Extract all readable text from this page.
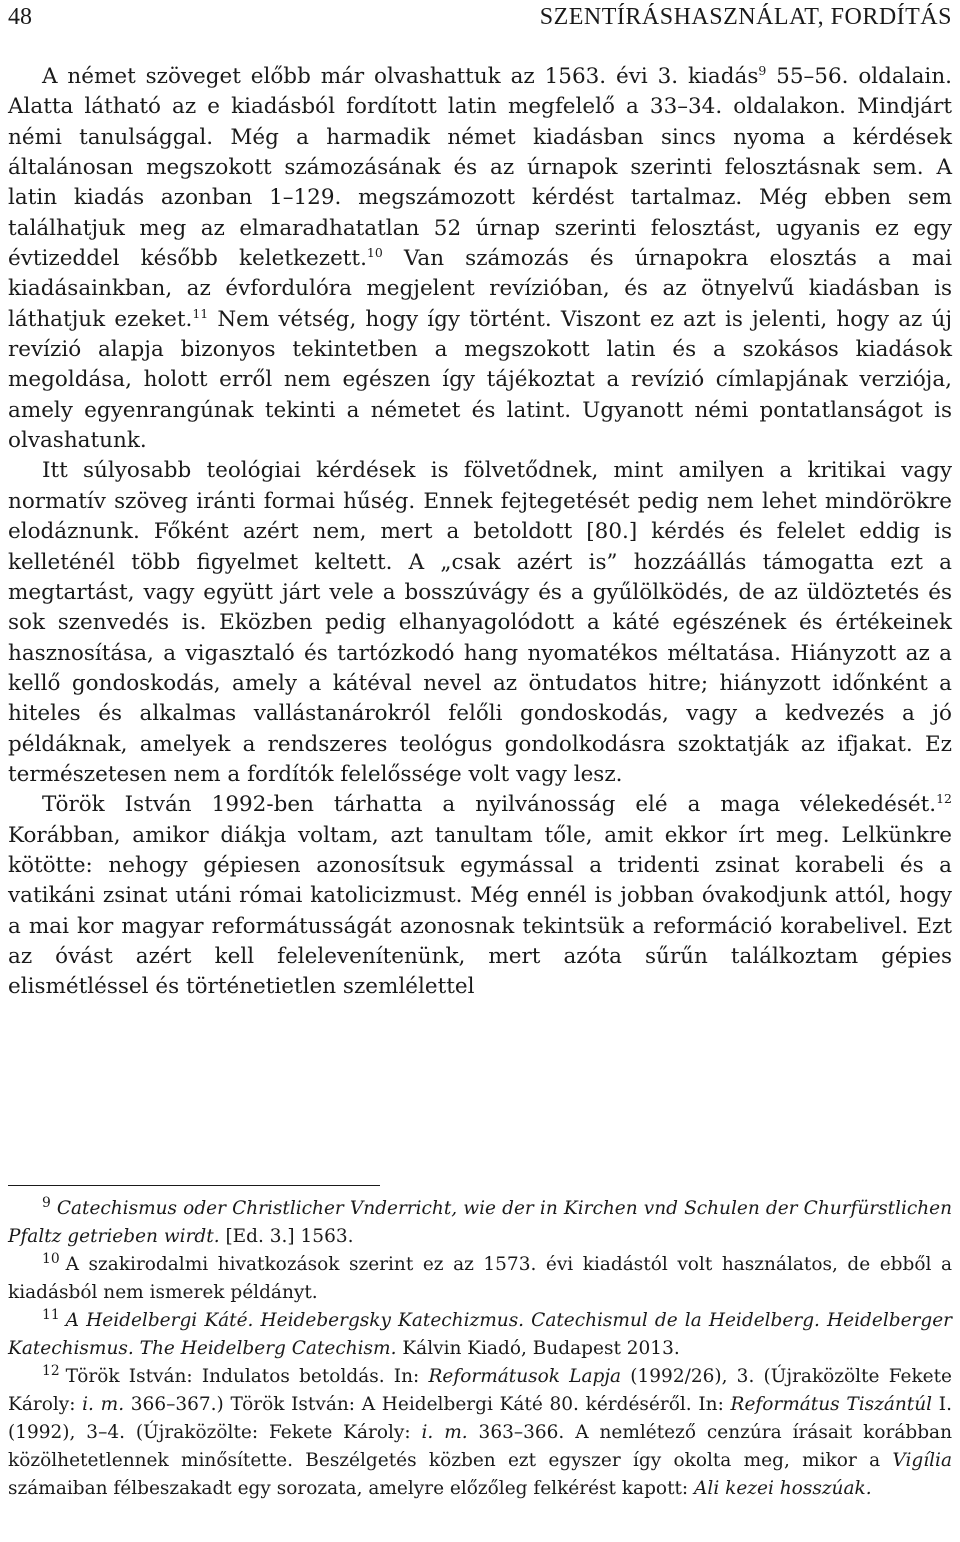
48	SZENTÍRÁSHASZNÁLAT, FORDÍTÁS

A német szöveget előbb már olvashattuk az 1563. évi 3. kiadás$^9$ 55–56. oldalain. Alatta látható az e kiadásból fordított latin megfelelő a 33–34. oldalakon. Mindjárt némi tanulsággal. Még a harmadik német kiadásban sincs nyoma a kérdések általánosan megszokott számozásának és az úrnapok szerinti felosztásnak sem. A latin kiadás azonban 1–129. megszámozott kérdést tartalmaz. Még ebben sem találhatjuk meg az elmaradhatatlan 52 úrnap szerinti felosztást, ugyanis ez egy évtizeddel később keletkezett.$^{10}$ Van számozás és úrnapokra elosztás a mai kiadásainkban, az évfordulóra megjelent revízióban, és az ötnyelvű kiadásban is láthatjuk ezeket.$^{11}$ Nem vétség, hogy így történt. Viszont ez azt is jelenti, hogy az új revízió alapja bizonyos tekintetben a megszokott latin és a szokásos kiadások megoldása, holott erről nem egészen így tájékoztat a revízió címlapjának verziója, amely egyenrangúnak tekinti a németet és latint. Ugyanott némi pontatlanságot is olvashatunk.

Itt súlyosabb teológiai kérdések is fölvetődnek, mint amilyen a kritikai vagy normatív szöveg iránti formai hűség. Ennek fejtegetését pedig nem lehet mindörökre elodáznunk. Főként azért nem, mert a betoldott [80.] kérdés és felelet eddig is kelleténél több figyelmet keltett. A „csak azért is” hozzáállás támogatta ezt a megtartást, vagy együtt járt vele a bosszúvágy és a gyűlölködés, de az üldöztetés és sok szenvedés is. Eközben pedig elhanyagolódott a káté egészének és értékeinek hasznosítása, a vigasztaló és tartózkodó hang nyomatékos méltatása. Hiányzott az a kellő gondoskodás, amely a kátéval nevel az öntudatos hitre; hiányzott időnként a hiteles és alkalmas vallástanárokról felőli gondoskodás, vagy a kedvezés a jó példáknak, amelyek a rendszeres teológus gondolkodásra szoktatják az ifjakat. Ez természetesen nem a fordítók felelőssége volt vagy lesz.

Török István 1992-ben tárhatta a nyilvánosság elé a maga vélekedését.$^{12}$ Korábban, amikor diákja voltam, azt tanultam tőle, amit ekkor írt meg. Lelkünkre kötötte: nehogy gépiesen azonosítsuk egymással a tridenti zsinat korabeli és a vatikáni zsinat utáni római katolicizmust. Még ennél is jobban óvakodjunk attól, hogy a mai kor magyar reformátusságát azonosnak tekintsük a reformáció korabelivel. Ezt az óvást azért kell felelevenítenünk, mert azóta sűrűn találkoztam gépies elismétléssel és történetietlen szemlélettel

$^9$ Catechismus oder Christlicher Vnderricht, wie der in Kirchen vnd Schulen der Churfürstlichen Pfaltz getrieben wirdt. [Ed. 3.] 1563.

$^{10}$ A szakirodalmi hivatkozások szerint ez az 1573. évi kiadástól volt használatos, de ebből a kiadásból nem ismerek példányt.

$^{11}$ A Heidelbergi Káté. Heidebergsky Katechizmus. Catechismul de la Heidelberg. Heidelberger Katechismus. The Heidelberg Catechism. Kálvin Kiadó, Budapest 2013.

$^{12}$ Török István: Indulatos betoldás. In: Reformátusok Lapja (1992/26), 3. (Újraközölte Fekete Károly: i. m. 366–367.) Török István: A Heidelbergi Káté 80. kérdéséről. In: Református Tiszántúl I. (1992), 3–4. (Újraközölte: Fekete Károly: i. m. 363–366. A nemlétező cenzúra írásait korábban közölhetetlennek minősítette. Beszélgetés közben ezt egyszer így okolta meg, mikor a Vigília számaiban félbeszakadt egy sorozata, amelyre előzőleg felkérést kapott: Ali kezei hosszúak.
